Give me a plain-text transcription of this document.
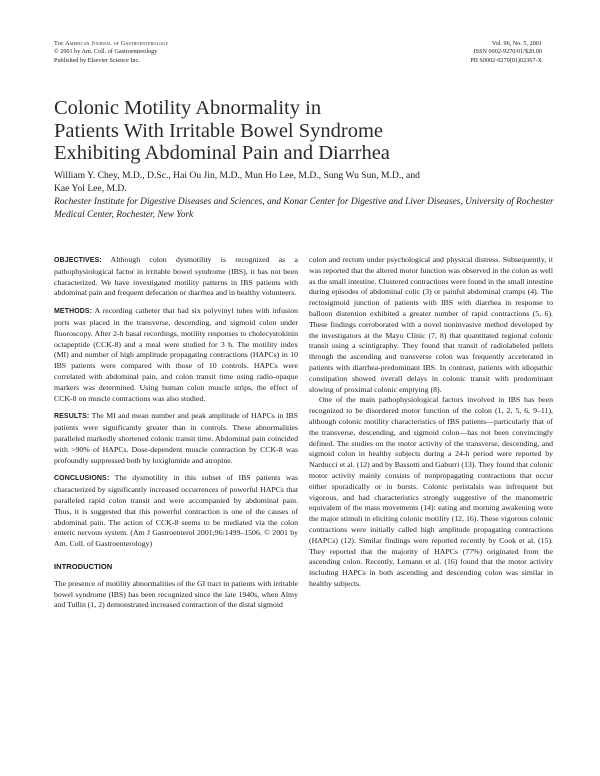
The American Journal of Gastroenterology
© 2001 by Am. Coll. of Gastroenterology
Published by Elsevier Science Inc.
Vol. 96, No. 5, 2001
ISSN 0002-9270/01/$20.00
PII S0002-9270(01)02367-X
Colonic Motility Abnormality in
Patients With Irritable Bowel Syndrome
Exhibiting Abdominal Pain and Diarrhea
William Y. Chey, M.D., D.Sc., Hai Ou Jin, M.D., Mun Ho Lee, M.D., Sung Wu Sun, M.D., and
Kae Yol Lee, M.D.
Rochester Institute for Digestive Diseases and Sciences, and Konar Center for Digestive and Liver Diseases, University of Rochester Medical Center, Rochester, New York

OBJECTIVES: Although colon dysmotility is recognized as a pathophysiological factor in irritable bowel syndrome (IBS), it has not been characterized. We have investigated motility patterns in IBS patients with abdominal pain and frequent defecation or diarrhea and in healthy volunteers.

METHODS: A recording catheter that had six polyvinyl tubes with infusion ports was placed in the transverse, descending, and sigmoid colon under fluoroscopy. After 2-h basal recordings, motility responses to cholecystokinin octapeptide (CCK-8) and a meal were studied for 3 h. The motility index (MI) and number of high amplitude propagating contractions (HAPCs) in 10 IBS patients were compared with those of 10 controls. HAPCs were correlated with abdominal pain, and colon transit time using radio-opaque markers was determined. Using human colon muscle strips, the effect of CCK-8 on muscle contractions was also studied.

RESULTS: The MI and mean number and peak amplitude of HAPCs in IBS patients were significantly greater than in controls. These abnormalities paralleled markedly shortened colonic transit time. Abdominal pain coincided with >90% of HAPCs. Dose-dependent muscle contraction by CCK-8 was profoundly suppressed both by loxiglumide and atropine.

CONCLUSIONS: The dysmotility in this subset of IBS patients was characterized by significantly increased occurrences of powerful HAPCs that paralleled rapid colon transit and were accompanied by abdominal pain. Thus, it is suggested that this powerful contraction is one of the causes of abdominal pain. The action of CCK-8 seems to be mediated via the colon enteric nervous system. (Am J Gastroenterol 2001;96:1499–1506. © 2001 by Am. Coll. of Gastroenterology)

INTRODUCTION

The presence of motility abnormalities of the GI tract in patients with irritable bowel syndrome (IBS) has been recognized since the late 1940s, when Almy and Tullin (1, 2) demonstrated increased contraction of the distal sigmoid

colon and rectum under psychological and physical distress. Subsequently, it was reported that the altered motor function was observed in the colon as well as the small intestine. Clustered contractions were found in the small intestine during episodes of abdominal colic (3) or painful abdominal cramps (4). The rectosigmoid junction of patients with IBS with diarrhea in response to balloon distention exhibited a greater number of rapid contractions (5, 6). These findings corroborated with a novel noninvasive method developed by the investigators at the Mayo Clinic (7, 8) that quantitated regional colonic transit using a scintigraphy. They found that transit of radiolabeled pellets through the ascending and transverse colon was frequently accelerated in patients with diarrhea-predominant IBS. In contrast, patients with idiopathic constipation showed overall delays in colonic transit with predominant slowing of proximal colonic emptying (8).

One of the main pathophysiological factors involved in IBS has been recognized to be disordered motor function of the colon (1, 2, 5, 6, 9–11), although colonic motility characteristics of IBS patients—particularly that of the transverse, descending, and sigmoid colon—has not been convincingly defined. The studies on the motor activity of the transverse, descending, and sigmoid colon in healthy subjects during a 24-h period were reported by Narducci et al. (12) and by Bassotti and Gaburri (13). They found that colonic motor activity mainly consists of nonpropagating contractions that occur either sporadically or in bursts. Colonic peristalsis was infrequent but vigorous, and had characteristics strongly suggestive of the manometric equivalent of the mass movements (14): eating and morning awakening were the major stimuli in eliciting colonic motility (12, 16). These vigorous colonic contractions were initially called high amplitude propagating contractions (HAPCs) (12). Similar findings were reported recently by Cook et al. (15). They reported that the majority of HAPCs (77%) originated from the ascending colon. Recently, Lemann et al. (16) found that the motor activity including HAPCs in both ascending and descending colon was similar in healthy subjects.
